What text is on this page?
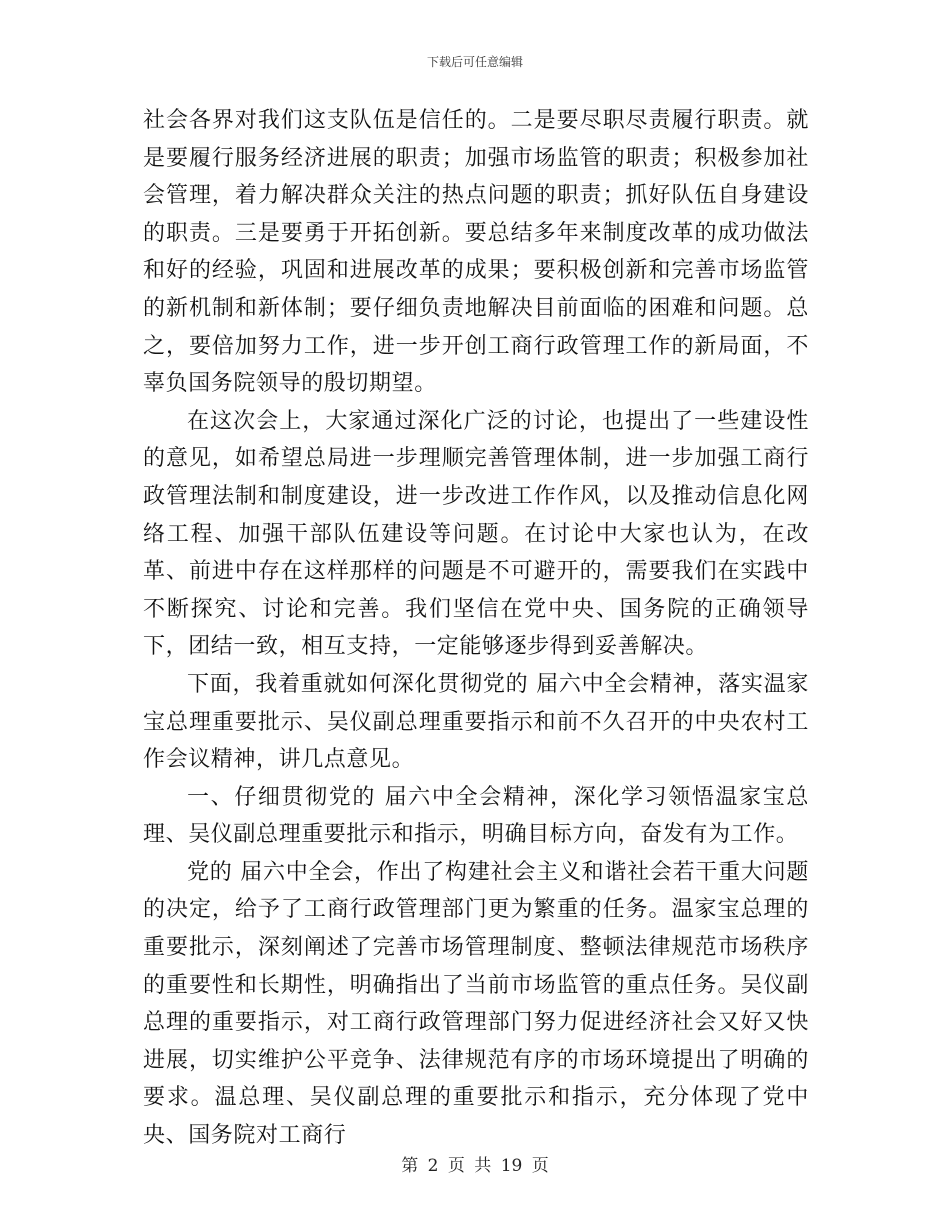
下载后可任意编辑

社会各界对我们这支队伍是信任的。二是要尽职尽责履行职责。就是要履行服务经济进展的职责；加强市场监管的职责；积极参加社会管理，着力解决群众关注的热点问题的职责；抓好队伍自身建设的职责。三是要勇于开拓创新。要总结多年来制度改革的成功做法和好的经验，巩固和进展改革的成果；要积极创新和完善市场监管的新机制和新体制；要仔细负责地解决目前面临的困难和问题。总之，要倍加努力工作，进一步开创工商行政管理工作的新局面，不辜负国务院领导的殷切期望。

在这次会上，大家通过深化广泛的讨论，也提出了一些建设性的意见，如希望总局进一步理顺完善管理体制，进一步加强工商行政管理法制和制度建设，进一步改进工作作风，以及推动信息化网络工程、加强干部队伍建设等问题。在讨论中大家也认为，在改革、前进中存在这样那样的问题是不可避开的，需要我们在实践中不断探究、讨论和完善。我们坚信在党中央、国务院的正确领导下，团结一致，相互支持，一定能够逐步得到妥善解决。

下面，我着重就如何深化贯彻党的 届六中全会精神，落实温家宝总理重要批示、吴仪副总理重要指示和前不久召开的中央农村工作会议精神，讲几点意见。

一、仔细贯彻党的 届六中全会精神，深化学习领悟温家宝总理、吴仪副总理重要批示和指示，明确目标方向，奋发有为工作。

党的 届六中全会，作出了构建社会主义和谐社会若干重大问题的决定，给予了工商行政管理部门更为繁重的任务。温家宝总理的重要批示，深刻阐述了完善市场管理制度、整顿法律规范市场秩序的重要性和长期性，明确指出了当前市场监管的重点任务。吴仪副总理的重要指示，对工商行政管理部门努力促进经济社会又好又快进展，切实维护公平竞争、法律规范有序的市场环境提出了明确的要求。温总理、吴仪副总理的重要批示和指示，充分体现了党中央、国务院对工商行

第 2 页 共 19 页
